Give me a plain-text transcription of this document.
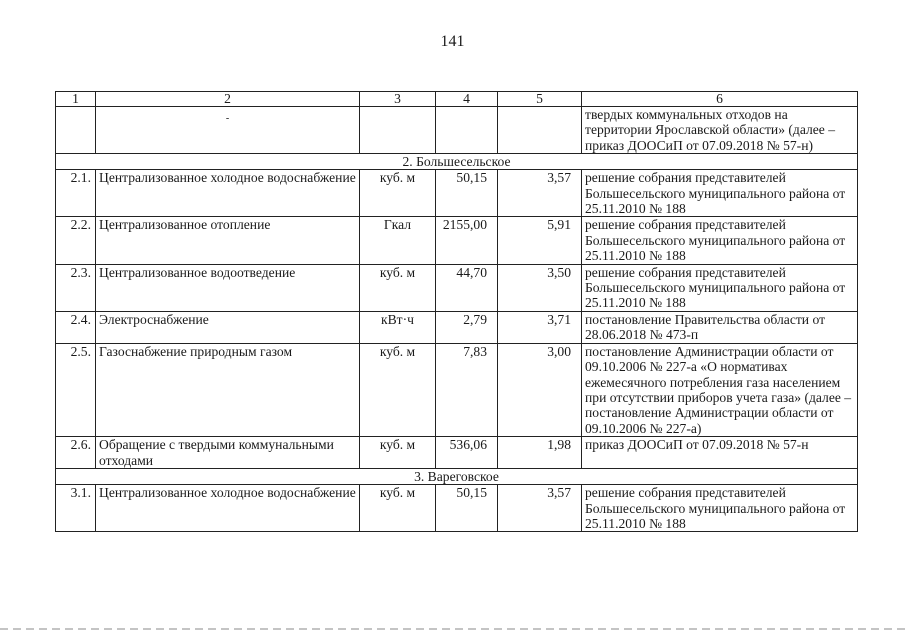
141
1	2	3	4	5	6

	-				твердых коммунальных отходов на территории Ярославской области» (далее – приказ ДООСиП от 07.09.2018 № 57-н)
2. Большесельское					
2.1.	Централизованное холодное водоснабжение	куб. м	50,15	3,57	решение собрания представителей Большесельского муниципального района от 25.11.2010 № 188
2.2.	Централизованное отопление	Гкал	2155,00	5,91	решение собрания представителей Большесельского муниципального района от 25.11.2010 № 188
2.3.	Централизованное водоотведение	куб. м	44,70	3,50	решение собрания представителей Большесельского муниципального района от 25.11.2010 № 188
2.4.	Электроснабжение	кВт·ч	2,79	3,71	постановление Правительства области от 28.06.2018 № 473-п
2.5.	Газоснабжение природным газом	куб. м	7,83	3,00	постановление Администрации области от 09.10.2006 № 227-а «О нормативах ежемесячного потребления газа населением при отсутствии приборов учета газа» (далее – постановление Администрации области от 09.10.2006 № 227-а)
2.6.	Обращение с твердыми коммунальными отходами	куб. м	536,06	1,98	приказ ДООСиП от 07.09.2018 № 57-н
3. Вареговское					
3.1.	Централизованное холодное водоснабжение	куб. м	50,15	3,57	решение собрания представителей Большесельского муниципального района от 25.11.2010 № 188
